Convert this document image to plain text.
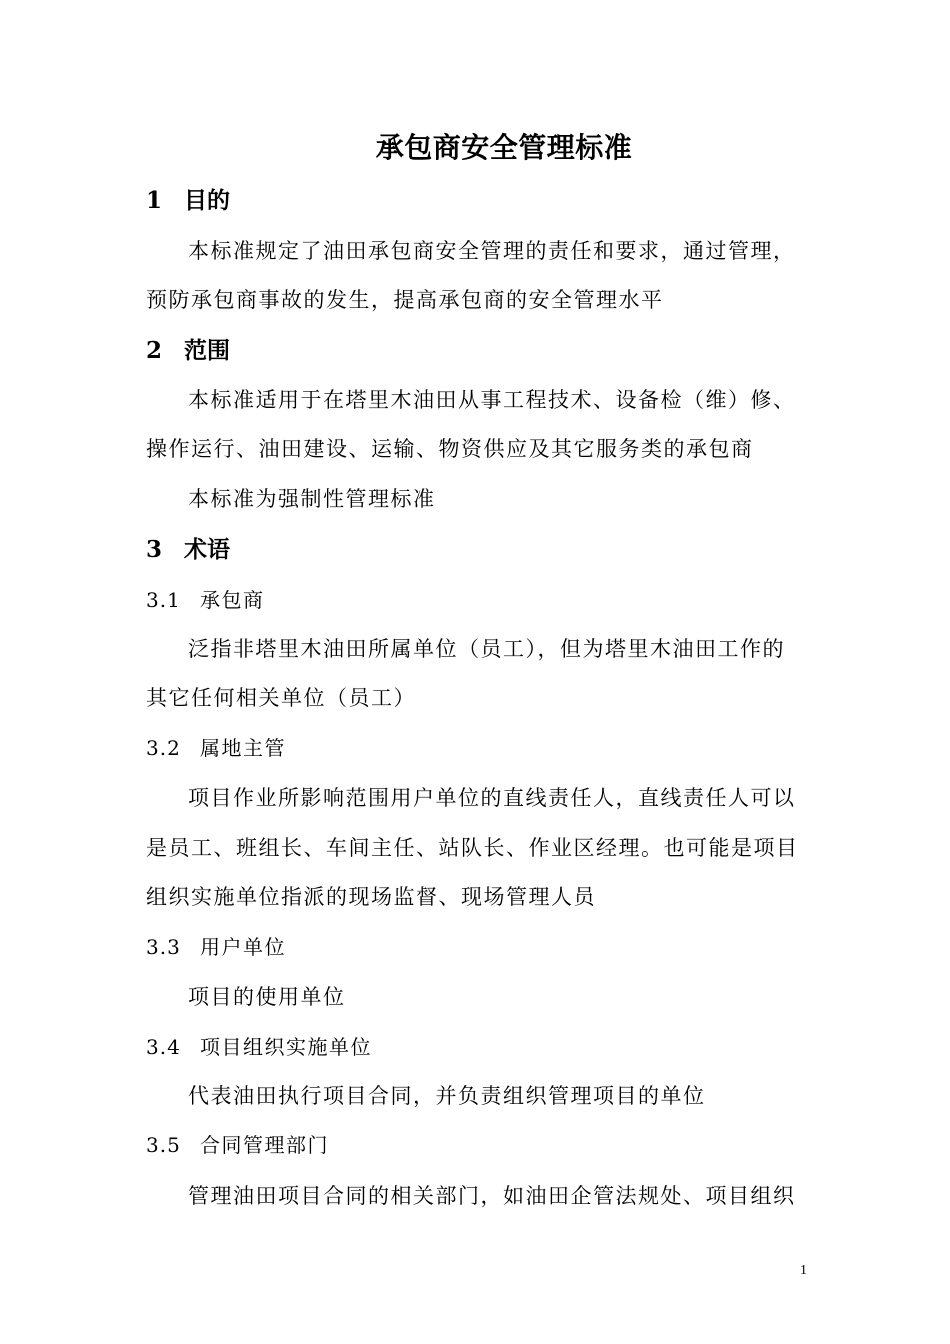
承包商安全管理标准
1 目的
本标准规定了油田承包商安全管理的责任和要求，通过管理，
预防承包商事故的发生，提高承包商的安全管理水平
2 范围
本标准适用于在塔里木油田从事工程技术、设备检（维）修、
操作运行、油田建设、运输、物资供应及其它服务类的承包商
本标准为强制性管理标准
3 术语
3.1 承包商
泛指非塔里木油田所属单位（员工），但为塔里木油田工作的
其它任何相关单位（员工）
3.2 属地主管
项目作业所影响范围用户单位的直线责任人，直线责任人可以
是员工、班组长、车间主任、站队长、作业区经理。也可能是项目
组织实施单位指派的现场监督、现场管理人员
3.3 用户单位
项目的使用单位
3.4 项目组织实施单位
代表油田执行项目合同，并负责组织管理项目的单位
3.5 合同管理部门
管理油田项目合同的相关部门，如油田企管法规处、项目组织
1
